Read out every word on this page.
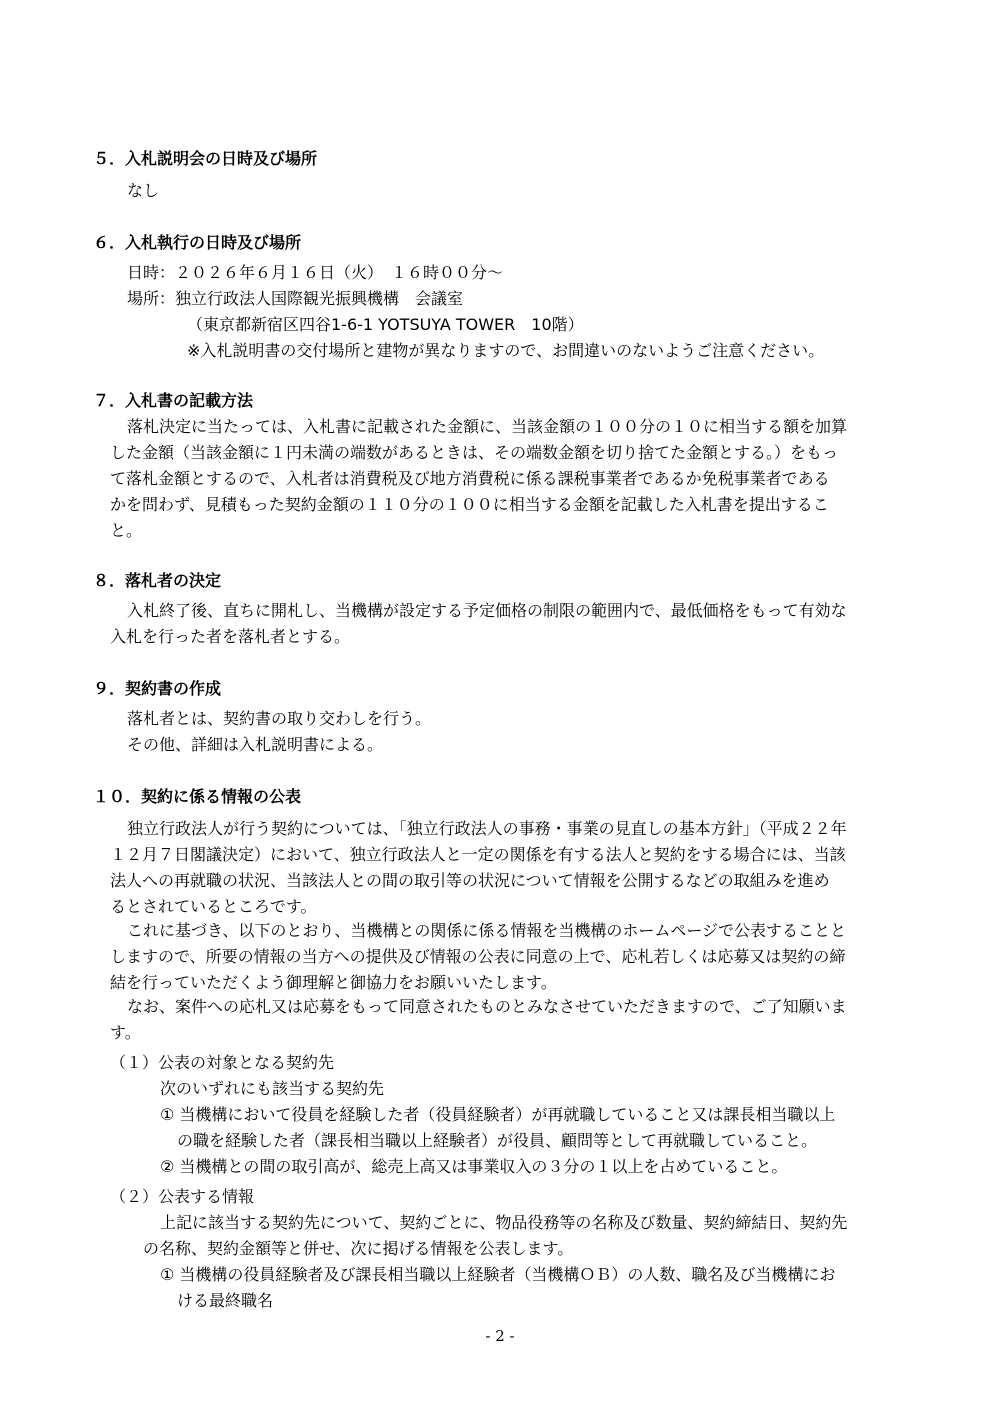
５．入札説明会の日時及び場所
なし
６．入札執行の日時及び場所
日時：２０２６年６月１６日（火）　１６時００分～
場所：独立行政法人国際観光振興機構　会議室
（東京都新宿区四谷1-6-1 YOTSUYA TOWER　10階）
※入札説明書の交付場所と建物が異なりますので、お間違いのないようご注意ください。
７．入札書の記載方法
落札決定に当たっては、入札書に記載された金額に、当該金額の１００分の１０に相当する額を加算
した金額（当該金額に１円未満の端数があるときは、その端数金額を切り捨てた金額とする。）をもっ
て落札金額とするので、入札者は消費税及び地方消費税に係る課税事業者であるか免税事業者である
かを問わず、見積もった契約金額の１１０分の１００に相当する金額を記載した入札書を提出するこ
と。
８．落札者の決定
入札終了後、直ちに開札し、当機構が設定する予定価格の制限の範囲内で、最低価格をもって有効な
入札を行った者を落札者とする。
９．契約書の作成
落札者とは、契約書の取り交わしを行う。
その他、詳細は入札説明書による。
１０．契約に係る情報の公表
独立行政法人が行う契約については、「独立行政法人の事務・事業の見直しの基本方針」（平成２２年
１２月７日閣議決定）において、独立行政法人と一定の関係を有する法人と契約をする場合には、当該
法人への再就職の状況、当該法人との間の取引等の状況について情報を公開するなどの取組みを進め
るとされているところです。
これに基づき、以下のとおり、当機構との関係に係る情報を当機構のホームページで公表することと
しますので、所要の情報の当方への提供及び情報の公表に同意の上で、応札若しくは応募又は契約の締
結を行っていただくよう御理解と御協力をお願いいたします。
なお、案件への応札又は応募をもって同意されたものとみなさせていただきますので、ご了知願いま
す。
（１）公表の対象となる契約先
次のいずれにも該当する契約先
① 当機構において役員を経験した者（役員経験者）が再就職していること又は課長相当職以上
の職を経験した者（課長相当職以上経験者）が役員、顧問等として再就職していること。
② 当機構との間の取引高が、総売上高又は事業収入の３分の１以上を占めていること。
（２）公表する情報
上記に該当する契約先について、契約ごとに、物品役務等の名称及び数量、契約締結日、契約先
の名称、契約金額等と併せ、次に掲げる情報を公表します。
① 当機構の役員経験者及び課長相当職以上経験者（当機構ＯＢ）の人数、職名及び当機構にお
ける最終職名
- 2 -
